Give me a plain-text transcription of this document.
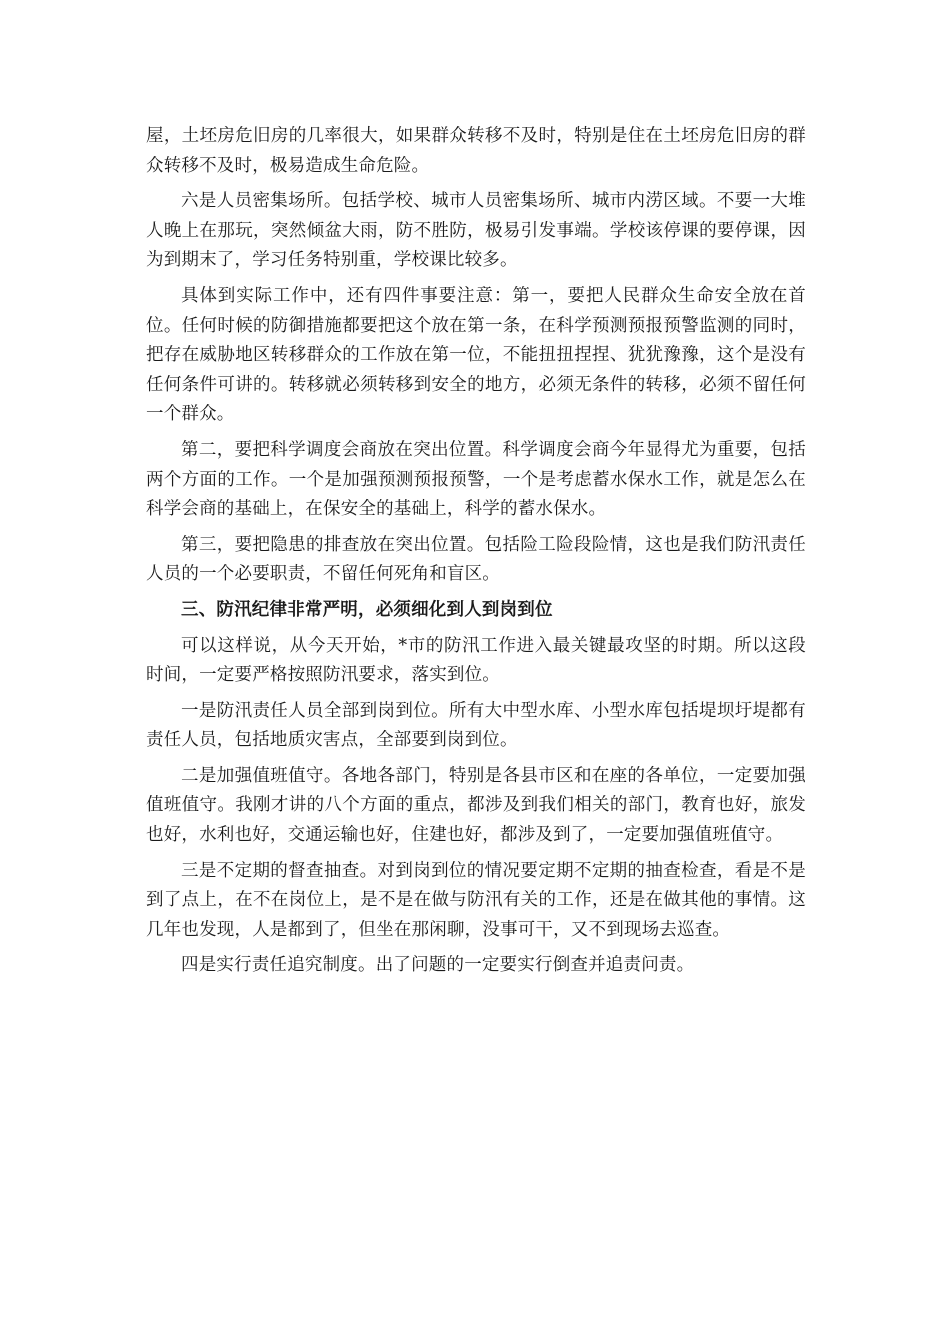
屋，土坯房危旧房的几率很大，如果群众转移不及时，特别是住在土坯房危旧房的群众转移不及时，极易造成生命危险。

六是人员密集场所。包括学校、城市人员密集场所、城市内涝区域。不要一大堆人晚上在那玩，突然倾盆大雨，防不胜防，极易引发事端。学校该停课的要停课，因为到期末了，学习任务特别重，学校课比较多。

具体到实际工作中，还有四件事要注意：第一，要把人民群众生命安全放在首位。任何时候的防御措施都要把这个放在第一条，在科学预测预报预警监测的同时，把存在威胁地区转移群众的工作放在第一位，不能扭扭捏捏、犹犹豫豫，这个是没有任何条件可讲的。转移就必须转移到安全的地方，必须无条件的转移，必须不留任何一个群众。

第二，要把科学调度会商放在突出位置。科学调度会商今年显得尤为重要，包括两个方面的工作。一个是加强预测预报预警，一个是考虑蓄水保水工作，就是怎么在科学会商的基础上，在保安全的基础上，科学的蓄水保水。

第三，要把隐患的排查放在突出位置。包括险工险段险情，这也是我们防汛责任人员的一个必要职责，不留任何死角和盲区。

三、防汛纪律非常严明，必须细化到人到岗到位

可以这样说，从今天开始，*市的防汛工作进入最关键最攻坚的时期。所以这段时间，一定要严格按照防汛要求，落实到位。

一是防汛责任人员全部到岗到位。所有大中型水库、小型水库包括堤坝圩堤都有责任人员，包括地质灾害点，全部要到岗到位。

二是加强值班值守。各地各部门，特别是各县市区和在座的各单位，一定要加强值班值守。我刚才讲的八个方面的重点，都涉及到我们相关的部门，教育也好，旅发也好，水利也好，交通运输也好，住建也好，都涉及到了，一定要加强值班值守。

三是不定期的督查抽查。对到岗到位的情况要定期不定期的抽查检查，看是不是到了点上，在不在岗位上，是不是在做与防汛有关的工作，还是在做其他的事情。这几年也发现，人是都到了，但坐在那闲聊，没事可干，又不到现场去巡查。

四是实行责任追究制度。出了问题的一定要实行倒查并追责问责。
